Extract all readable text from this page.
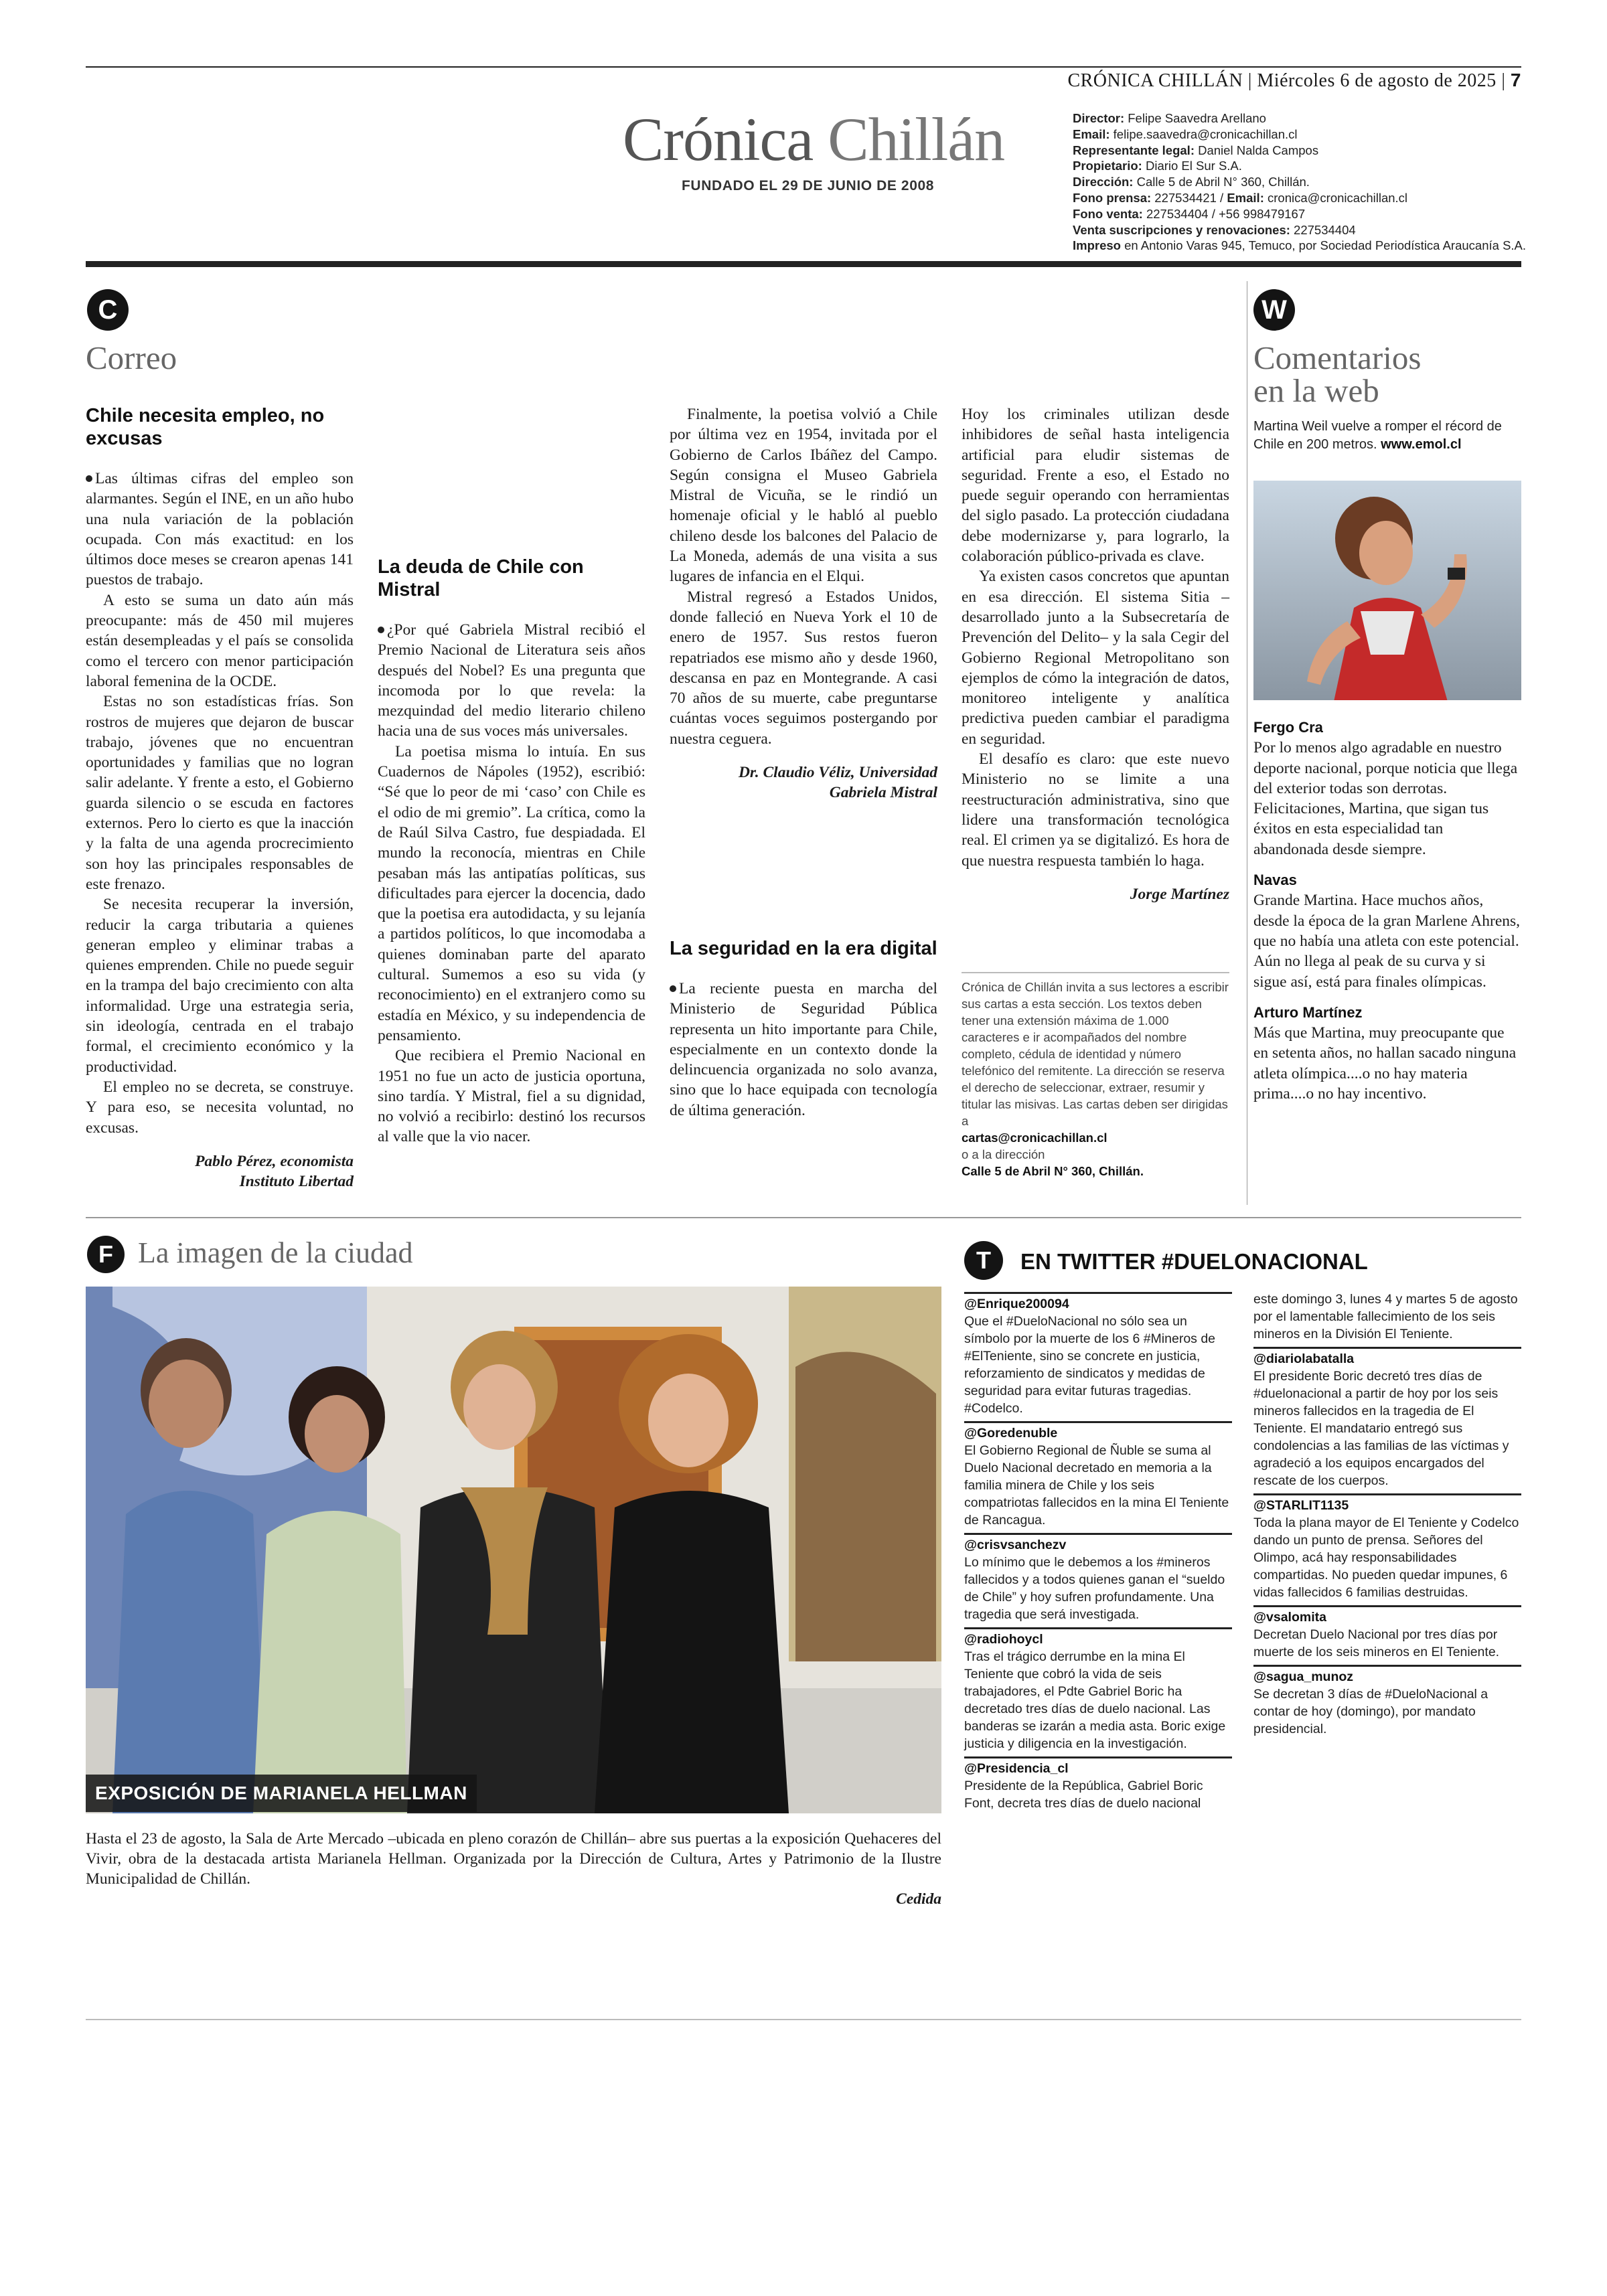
CRÓNICA CHILLÁN | Miércoles 6 de agosto de 2025 | 7
Crónica Chillán
FUNDADO EL 29 DE JUNIO DE 2008
Director: Felipe Saavedra Arellano
Email: felipe.saavedra@cronicachillan.cl
Representante legal: Daniel Nalda Campos
Propietario: Diario El Sur S.A.
Dirección: Calle 5 de Abril N° 360, Chillán.
Fono prensa: 227534421 / Email: cronica@cronicachillan.cl
Fono venta: 227534404 / +56 998479167
Venta suscripciones y renovaciones: 227534404
Impreso en Antonio Varas 945, Temuco, por Sociedad Periodística Araucanía S.A.
C
Correo
Chile necesita empleo, no excusas

Las últimas cifras del empleo son alarmantes. Según el INE, en un año hubo una nula variación de la población ocupada. Con más exactitud: en los últimos doce meses se crearon apenas 141 puestos de trabajo.

A esto se suma un dato aún más preocupante: más de 450 mil mujeres están desempleadas y el país se consolida como el tercero con menor participación laboral femenina de la OCDE.

Estas no son estadísticas frías. Son rostros de mujeres que dejaron de buscar trabajo, jóvenes que no encuentran oportunidades y familias que no logran salir adelante. Y frente a esto, el Gobierno guarda silencio o se escuda en factores externos. Pero lo cierto es que la inacción y la falta de una agenda procrecimiento son hoy las principales responsables de este frenazo.

Se necesita recuperar la inversión, reducir la carga tributaria a quienes generan empleo y eliminar trabas a quienes emprenden. Chile no puede seguir en la trampa del bajo crecimiento con alta informalidad. Urge una estrategia seria, sin ideología, centrada en el trabajo formal, el crecimiento económico y la productividad.

El empleo no se decreta, se construye. Y para eso, se necesita voluntad, no excusas.

Pablo Pérez, economista
Instituto Libertad
La deuda de Chile con Mistral

¿Por qué Gabriela Mistral recibió el Premio Nacional de Literatura seis años después del Nobel? Es una pregunta que incomoda por lo que revela: la mezquindad del medio literario chileno hacia una de sus voces más universales.

La poetisa misma lo intuía. En sus Cuadernos de Nápoles (1952), escribió: “Sé que lo peor de mi ‘caso’ con Chile es el odio de mi gremio”. La crítica, como la de Raúl Silva Castro, fue despiadada. El mundo la reconocía, mientras en Chile pesaban más las antipatías políticas, sus dificultades para ejercer la docencia, dado que la poetisa era autodidacta, y su lejanía a partidos políticos, lo que incomodaba a quienes dominaban parte del aparato cultural. Sumemos a eso su vida (y reconocimiento) en el extranjero como su estadía en México, y su independencia de pensamiento.

Que recibiera el Premio Nacional en 1951 no fue un acto de justicia oportuna, sino tardía. Y Mistral, fiel a su dignidad, no volvió a recibirlo: destinó los recursos al valle que la vio nacer.

Finalmente, la poetisa volvió a Chile por última vez en 1954, invitada por el Gobierno de Carlos Ibáñez del Campo. Según consigna el Museo Gabriela Mistral de Vicuña, se le rindió un homenaje oficial y le habló al pueblo chileno desde los balcones del Palacio de La Moneda, además de una visita a sus lugares de infancia en el Elqui.

Mistral regresó a Estados Unidos, donde falleció en Nueva York el 10 de enero de 1957. Sus restos fueron repatriados ese mismo año y desde 1960, descansa en paz en Montegrande. A casi 70 años de su muerte, cabe preguntarse cuántas voces seguimos postergando por nuestra ceguera.

Dr. Claudio Véliz, Universidad
Gabriela Mistral
La seguridad en la era digital

La reciente puesta en marcha del Ministerio de Seguridad Pública representa un hito importante para Chile, especialmente en un contexto donde la delincuencia organizada no solo avanza, sino que lo hace equipada con tecnología de última generación.

Hoy los criminales utilizan desde inhibidores de señal hasta inteligencia artificial para eludir sistemas de seguridad. Frente a eso, el Estado no puede seguir operando con herramientas del siglo pasado. La protección ciudadana debe modernizarse y, para lograrlo, la colaboración público-privada es clave.

Ya existen casos concretos que apuntan en esa dirección. El sistema Sitia –desarrollado junto a la Subsecretaría de Prevención del Delito– y la sala Cegir del Gobierno Regional Metropolitano son ejemplos de cómo la integración de datos, monitoreo inteligente y analítica predictiva pueden cambiar el paradigma en seguridad.

El desafío es claro: que este nuevo Ministerio no se limite a una reestructuración administrativa, sino que lidere una transformación tecnológica real. El crimen ya se digitalizó. Es hora de que nuestra respuesta también lo haga.

Jorge Martínez
Crónica de Chillán invita a sus lectores a escribir sus cartas a esta sección. Los textos deben tener una extensión máxima de 1.000 caracteres e ir acompañados del nombre completo, cédula de identidad y número telefónico del remitente. La dirección se reserva el derecho de seleccionar, extraer, resumir y titular las misivas. Las cartas deben ser dirigidas a
cartas@cronicachillan.cl
o a la dirección
Calle 5 de Abril N° 360, Chillán.
W
Comentarios
en la web
Martina Weil vuelve a romper el récord de Chile en 200 metros. www.emol.cl
Fergo Cra
Por lo menos algo agradable en nuestro deporte nacional, porque noticia que llega del exterior todas son derrotas. Felicitaciones, Martina, que sigan tus éxitos en esta especialidad tan abandonada desde siempre.
Navas
Grande Martina. Hace muchos años, desde la época de la gran Marlene Ahrens, que no había una atleta con este potencial. Aún no llega al peak de su curva y si sigue así, está para finales olímpicas.
Arturo Martínez
Más que Martina, muy preocupante que en setenta años, no hallan sacado ninguna atleta olímpica....o no hay materia prima....o no hay incentivo.
F La imagen de la ciudad
EXPOSICIÓN DE MARIANELA HELLMAN
Hasta el 23 de agosto, la Sala de Arte Mercado –ubicada en pleno corazón de Chillán– abre sus puertas a la exposición Quehaceres del Vivir, obra de la destacada artista Marianela Hellman. Organizada por la Dirección de Cultura, Artes y Patrimonio de la Ilustre Municipalidad de Chillán.
Cedida
T	EN TWITTER #DUELONACIONAL
@Enrique200094
Que el #DueloNacional no sólo sea un símbolo por la muerte de los 6 #Mineros de #ElTeniente, sino se concrete en justicia, reforzamiento de sindicatos y medidas de seguridad para evitar futuras tragedias. #Codelco.
@Goredenuble
El Gobierno Regional de Ñuble se suma al Duelo Nacional decretado en memoria a la familia minera de Chile y los seis compatriotas fallecidos en la mina El Teniente de Rancagua.
@crisvsanchezv
Lo mínimo que le debemos a los #mineros fallecidos y a todos quienes ganan el “sueldo de Chile” y hoy sufren profundamente. Una tragedia que será investigada.
@radiohoycl
Tras el trágico derrumbe en la mina El Teniente que cobró la vida de seis trabajadores, el Pdte Gabriel Boric ha decretado tres días de duelo nacional. Las banderas se izarán a media asta. Boric exige justicia y diligencia en la investigación.
@Presidencia_cl
Presidente de la República, Gabriel Boric Font, decreta tres días de duelo nacional
este domingo 3, lunes 4 y martes 5 de agosto por el lamentable fallecimiento de los seis mineros en la División El Teniente.
@diariolabatalla
El presidente Boric decretó tres días de #duelonacional a partir de hoy por los seis mineros fallecidos en la tragedia de El Teniente. El mandatario entregó sus condolencias a las familias de las víctimas y agradeció a los equipos encargados del rescate de los cuerpos.
@STARLIT1135
Toda la plana mayor de El Teniente y Codelco dando un punto de prensa. Señores del Olimpo, acá hay responsabilidades compartidas. No pueden quedar impunes, 6 vidas fallecidos 6 familias destruidas.
@vsalomita
Decretan Duelo Nacional por tres días por muerte de los seis mineros en El Teniente.
@sagua_munoz
Se decretan 3 días de #DueloNacional a contar de hoy (domingo), por mandato presidencial.
